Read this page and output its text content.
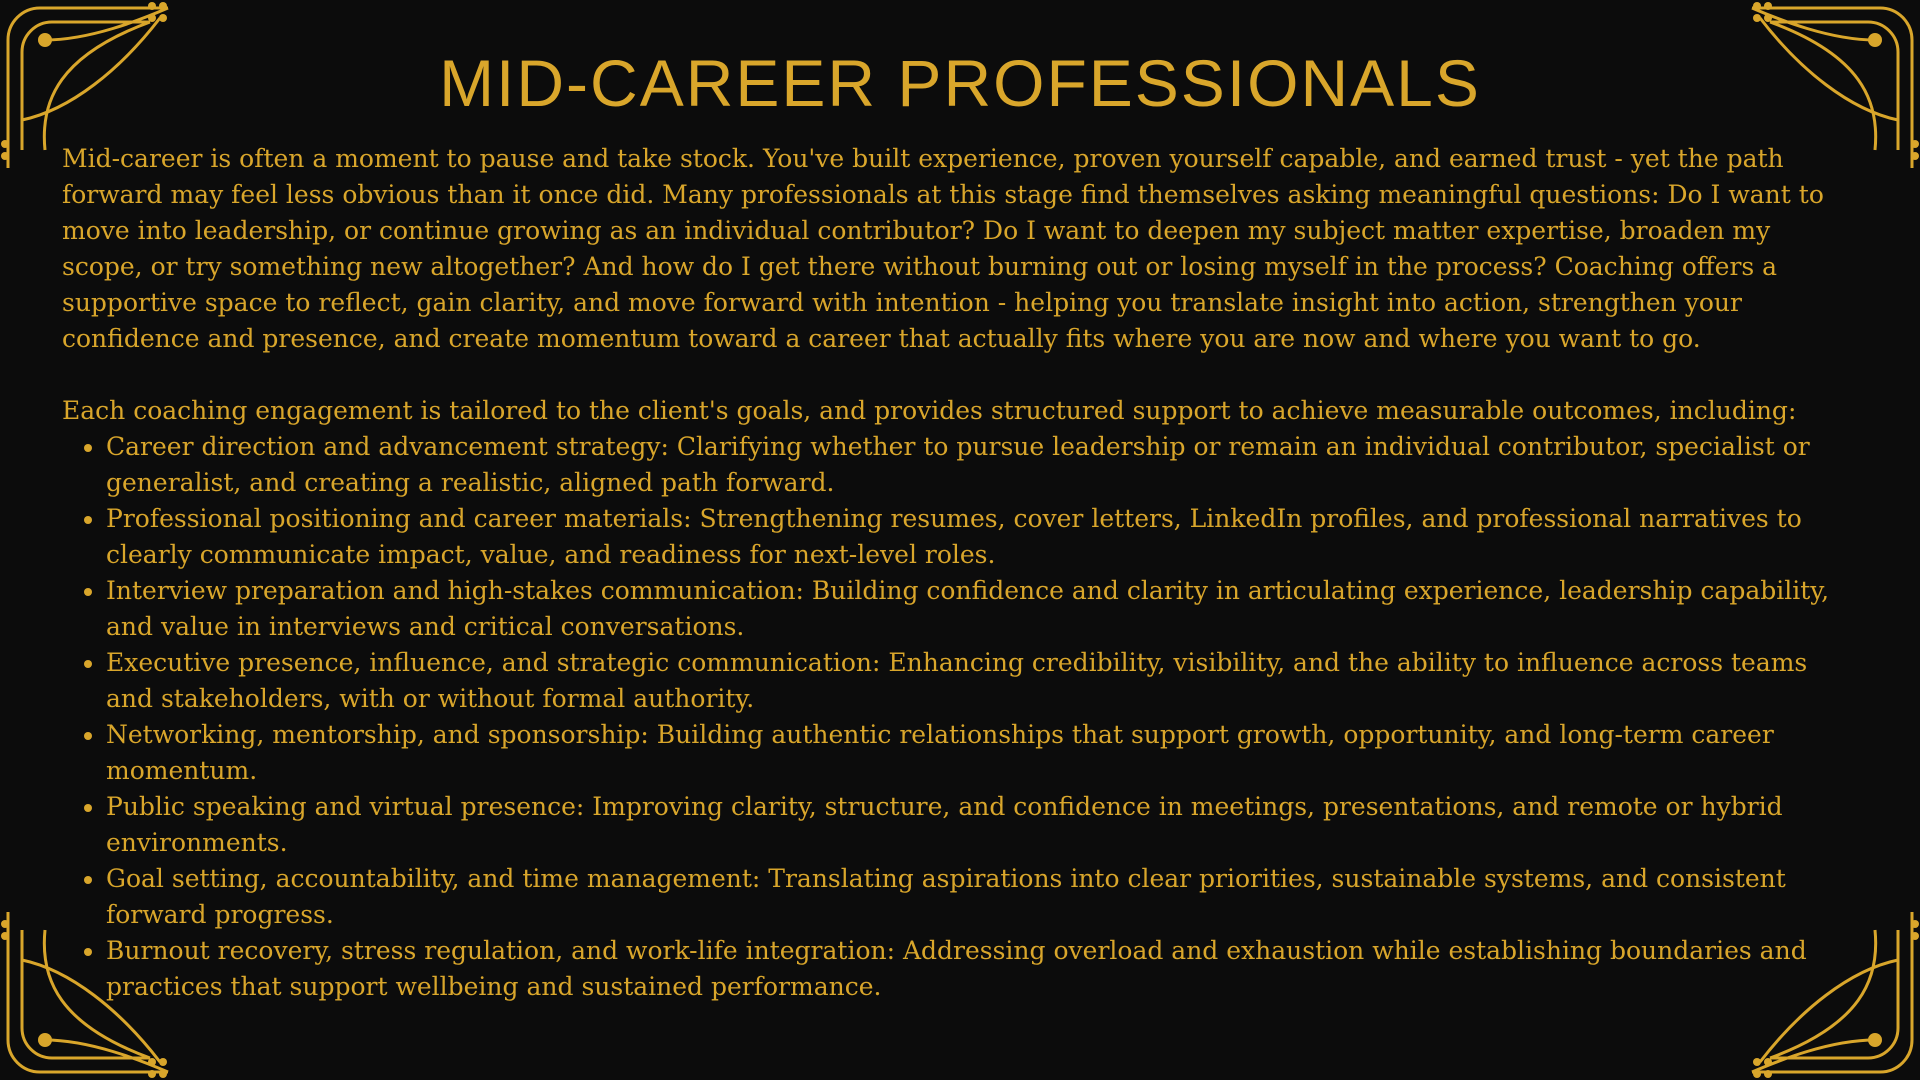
MID-CAREER PROFESSIONALS

Mid-career is often a moment to pause and take stock. You've built experience, proven yourself capable, and earned trust - yet the path forward may feel less obvious than it once did. Many professionals at this stage find themselves asking meaningful questions: Do I want to move into leadership, or continue growing as an individual contributor? Do I want to deepen my subject matter expertise, broaden my scope, or try something new altogether? And how do I get there without burning out or losing myself in the process? Coaching offers a supportive space to reflect, gain clarity, and move forward with intention - helping you translate insight into action, strengthen your confidence and presence, and create momentum toward a career that actually fits where you are now and where you want to go.

Each coaching engagement is tailored to the client's goals, and provides structured support to achieve measurable outcomes, including:

• Career direction and advancement strategy: Clarifying whether to pursue leadership or remain an individual contributor, specialist or generalist, and creating a realistic, aligned path forward.
• Professional positioning and career materials: Strengthening resumes, cover letters, LinkedIn profiles, and professional narratives to clearly communicate impact, value, and readiness for next-level roles.
• Interview preparation and high-stakes communication: Building confidence and clarity in articulating experience, leadership capability, and value in interviews and critical conversations.
• Executive presence, influence, and strategic communication: Enhancing credibility, visibility, and the ability to influence across teams and stakeholders, with or without formal authority.
• Networking, mentorship, and sponsorship: Building authentic relationships that support growth, opportunity, and long-term career momentum.
• Public speaking and virtual presence: Improving clarity, structure, and confidence in meetings, presentations, and remote or hybrid environments.
• Goal setting, accountability, and time management: Translating aspirations into clear priorities, sustainable systems, and consistent forward progress.
• Burnout recovery, stress regulation, and work-life integration: Addressing overload and exhaustion while establishing boundaries and practices that support wellbeing and sustained performance.
